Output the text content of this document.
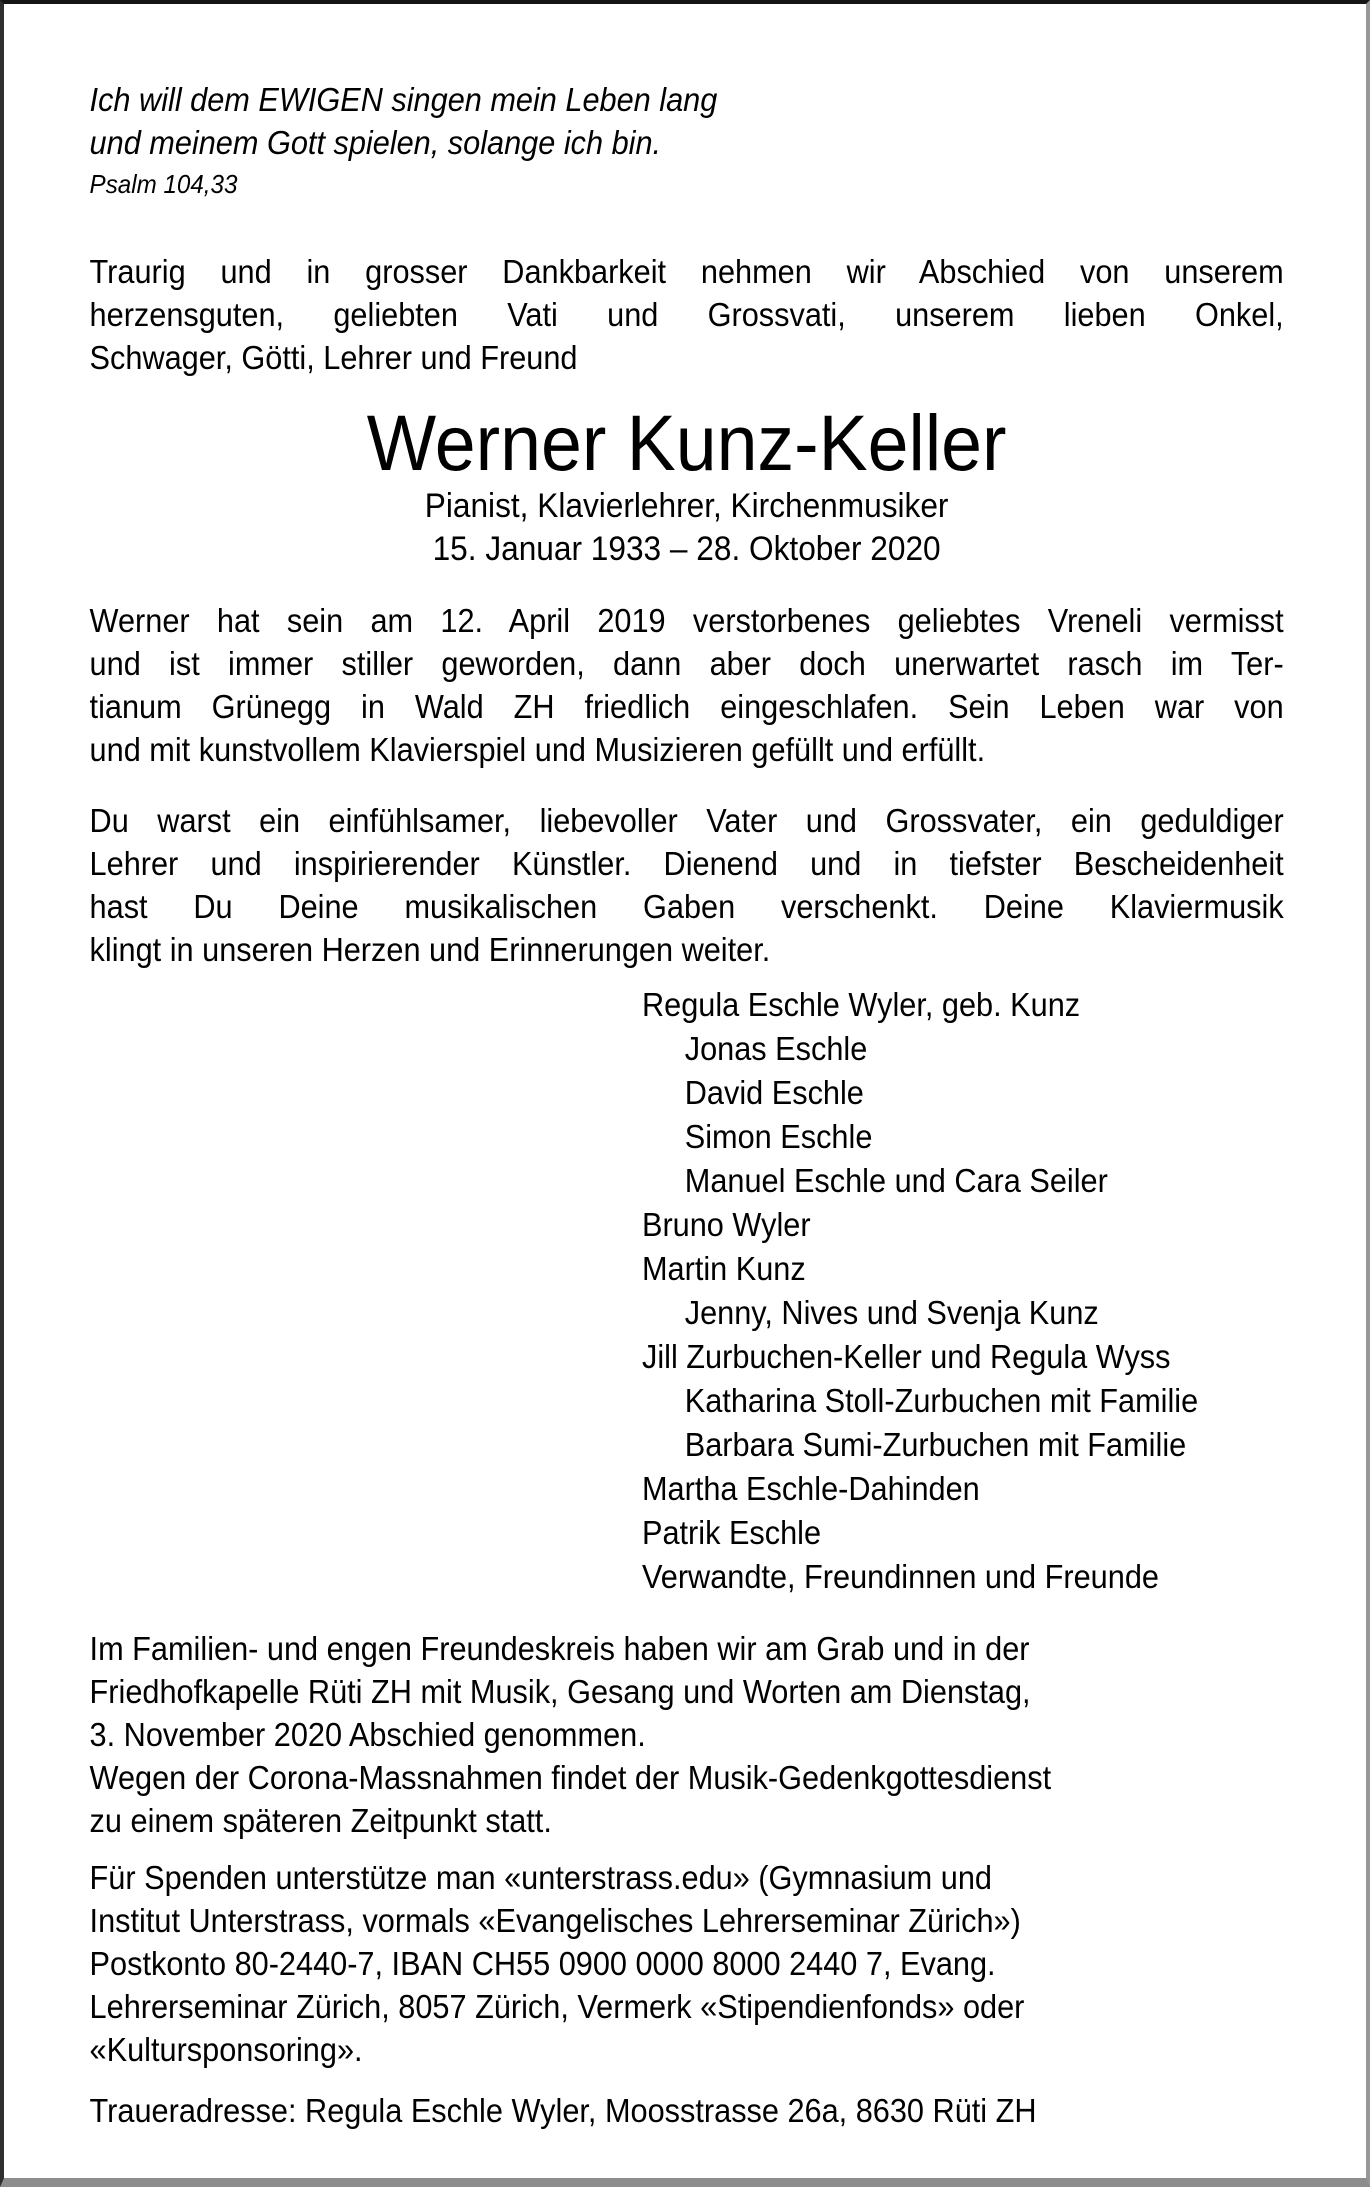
Ich will dem EWIGEN singen mein Leben lang
und meinem Gott spielen, solange ich bin.
Psalm 104,33
Traurig und in grosser Dankbarkeit nehmen wir Abschied von unserem
herzensguten, geliebten Vati und Grossvati, unserem lieben Onkel,
Schwager, Götti, Lehrer und Freund
Werner Kunz-Keller
Pianist, Klavierlehrer, Kirchenmusiker
15. Januar 1933 – 28. Oktober 2020
Werner hat sein am 12. April 2019 verstorbenes geliebtes Vreneli vermisst
und ist immer stiller geworden, dann aber doch unerwartet rasch im Ter-
tianum Grünegg in Wald ZH friedlich eingeschlafen. Sein Leben war von
und mit kunstvollem Klavierspiel und Musizieren gefüllt und erfüllt.
Du warst ein einfühlsamer, liebevoller Vater und Grossvater, ein geduldiger
Lehrer und inspirierender Künstler. Dienend und in tiefster Bescheidenheit
hast Du Deine musikalischen Gaben verschenkt. Deine Klaviermusik
klingt in unseren Herzen und Erinnerungen weiter.
Regula Eschle Wyler, geb. Kunz
Jonas Eschle
David Eschle
Simon Eschle
Manuel Eschle und Cara Seiler
Bruno Wyler
Martin Kunz
Jenny, Nives und Svenja Kunz
Jill Zurbuchen-Keller und Regula Wyss
Katharina Stoll-Zurbuchen mit Familie
Barbara Sumi-Zurbuchen mit Familie
Martha Eschle-Dahinden
Patrik Eschle
Verwandte, Freundinnen und Freunde
Im Familien- und engen Freundeskreis haben wir am Grab und in der
Friedhofkapelle Rüti ZH mit Musik, Gesang und Worten am Dienstag,
3. November 2020 Abschied genommen.
Wegen der Corona-Massnahmen findet der Musik-Gedenkgottesdienst
zu einem späteren Zeitpunkt statt.
Für Spenden unterstütze man «unterstrass.edu» (Gymnasium und
Institut Unterstrass, vormals «Evangelisches Lehrerseminar Zürich»)
Postkonto 80-2440-7, IBAN CH55 0900 0000 8000 2440 7, Evang.
Lehrerseminar Zürich, 8057 Zürich, Vermerk «Stipendienfonds» oder
«Kultursponsoring».
Traueradresse: Regula Eschle Wyler, Moosstrasse 26a, 8630 Rüti ZH
